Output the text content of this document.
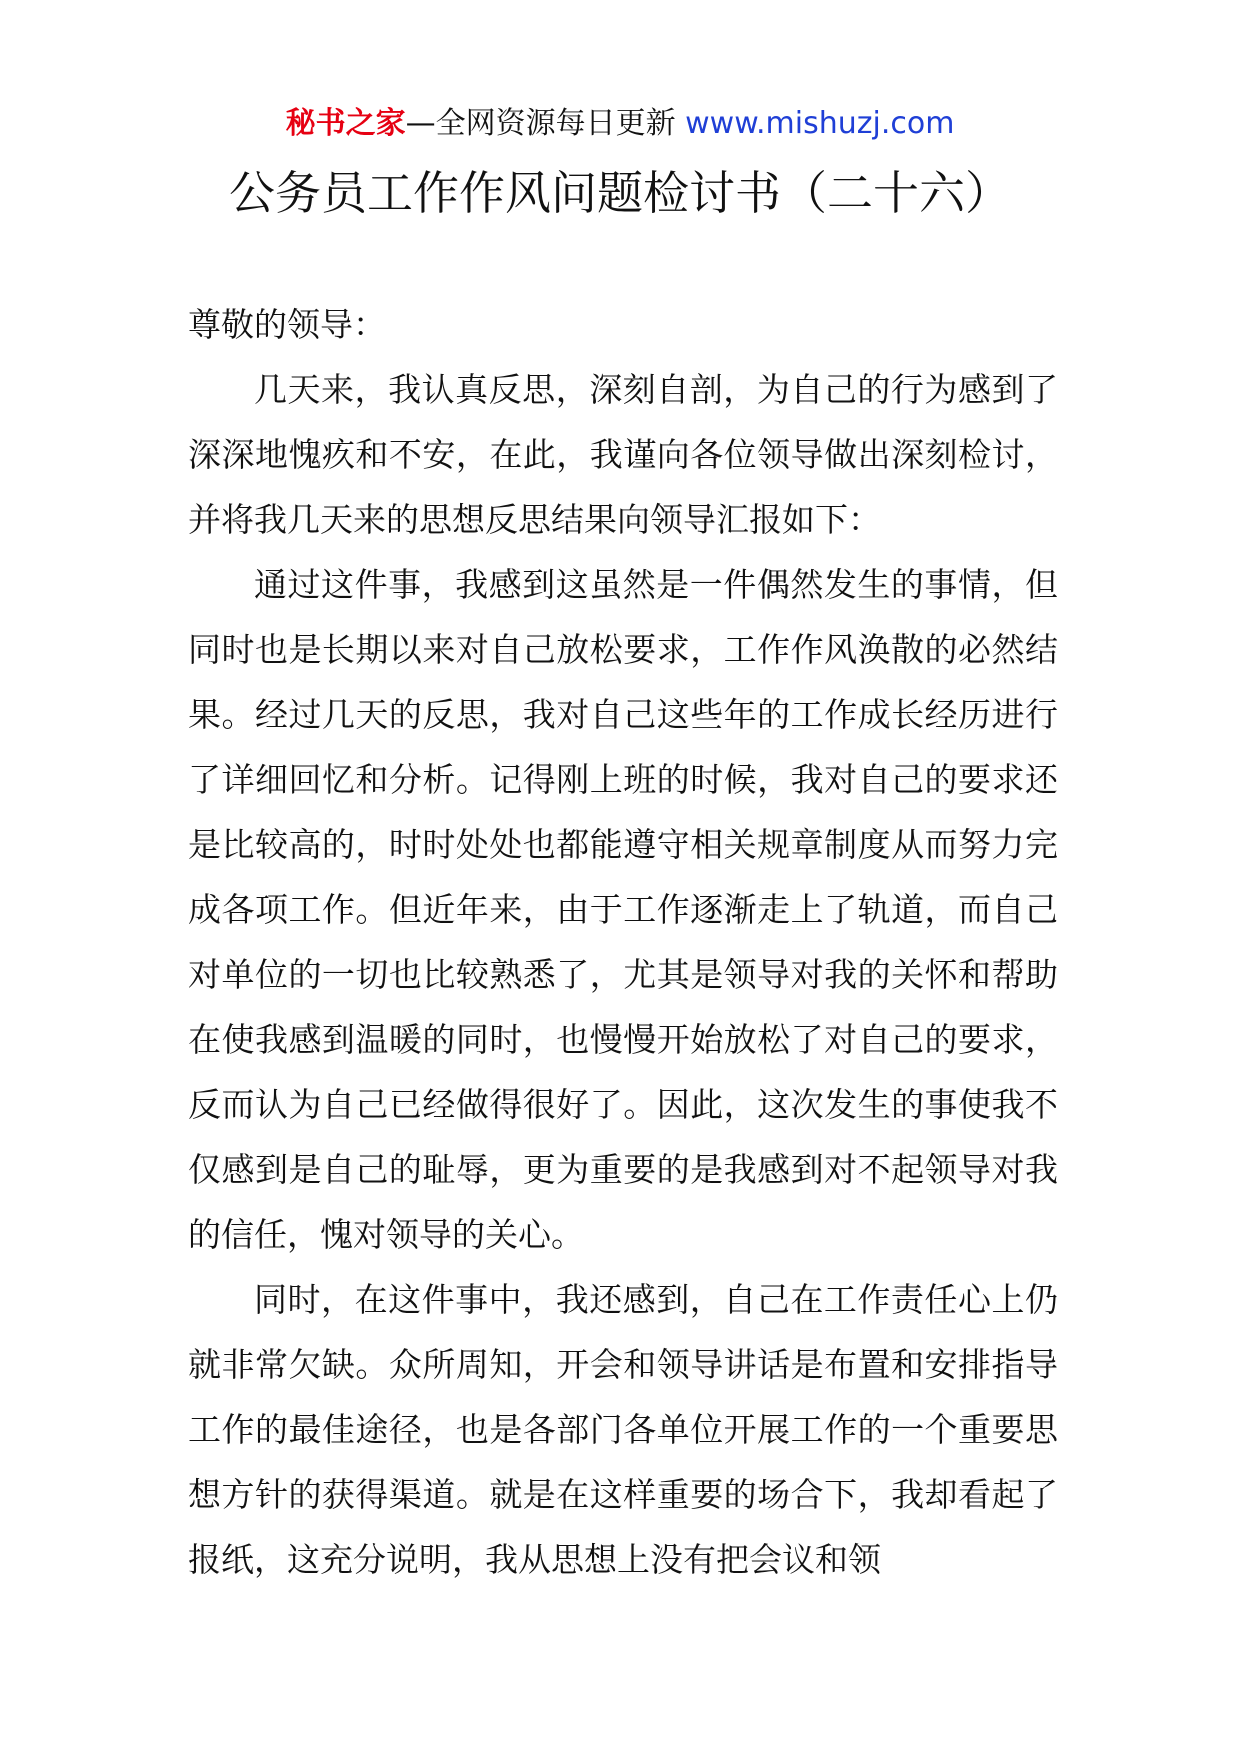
秘书之家—全网资源每日更新 www.mishuzj.com
公务员工作作风问题检讨书（二十六）

尊敬的领导：

几天来，我认真反思，深刻自剖，为自己的行为感到了深深地愧疚和不安，在此，我谨向各位领导做出深刻检讨，并将我几天来的思想反思结果向领导汇报如下：

通过这件事，我感到这虽然是一件偶然发生的事情，但同时也是长期以来对自己放松要求，工作作风涣散的必然结果。经过几天的反思，我对自己这些年的工作成长经历进行了详细回忆和分析。记得刚上班的时候，我对自己的要求还是比较高的，时时处处也都能遵守相关规章制度从而努力完成各项工作。但近年来，由于工作逐渐走上了轨道，而自己对单位的一切也比较熟悉了，尤其是领导对我的关怀和帮助在使我感到温暖的同时，也慢慢开始放松了对自己的要求，反而认为自己已经做得很好了。因此，这次发生的事使我不仅感到是自己的耻辱，更为重要的是我感到对不起领导对我的信任，愧对领导的关心。

同时，在这件事中，我还感到，自己在工作责任心上仍就非常欠缺。众所周知，开会和领导讲话是布置和安排指导工作的最佳途径，也是各部门各单位开展工作的一个重要思想方针的获得渠道。就是在这样重要的场合下，我却看起了报纸，这充分说明，我从思想上没有把会议和领
